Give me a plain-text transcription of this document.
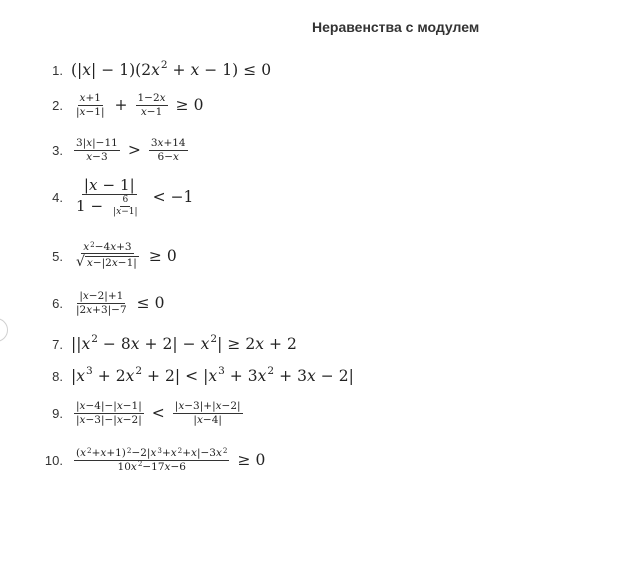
Неравенства с модулем
1. (| x | − 1)(2 x 2 + x − 1) ≤ 0
2. $\frac{x+1}{|x-1|} + \frac{1-2x}{x-1} \ge 0$
3. $\frac{3|x|-11}{x-3} > \frac{3x+14}{6-x}$
4. $\frac{|x - 1|}{1 - \frac{6}{|x-1|}} < -1$
5. $\frac{x^2-4x+3}{√ x-|2x-1|} \ge 0$
6. $\frac{|x-2|+1}{|2x+3|-7} \le 0$
7. || x 2 − 8 x + 2| − x 2 | ≥ 2 x + 2
8. | x 3 + 2 x 2 + 2| < | x 3 + 3 x 2 + 3 x − 2|
9. $\frac{|x-4|-|x-1|}{|x-3|-|x-2|} < \frac{|x-3|+|x-2|}{|x-4|}$
10. $\frac{(x^2+x+1)^2-2|x^3+x^2+x|-3x^2}{10x^2-17x-6} \ge 0$
